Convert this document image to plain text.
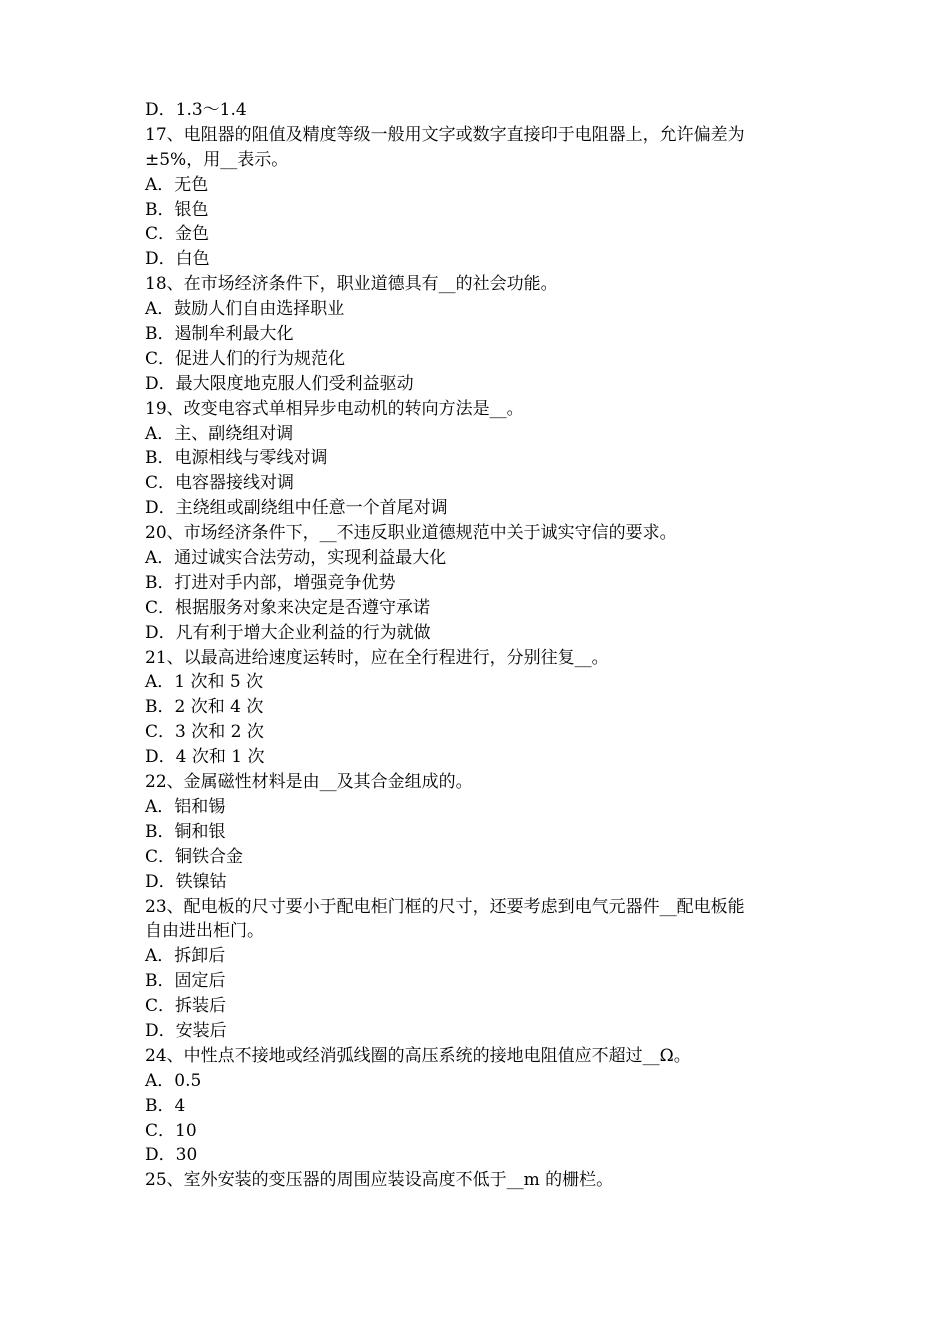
D．1.3～1.4
17、电阻器的阻值及精度等级一般用文字或数字直接印于电阻器上，允许偏差为
±5%，用__表示。
A．无色
B．银色
C．金色
D．白色
18、在市场经济条件下，职业道德具有__的社会功能。
A．鼓励人们自由选择职业
B．遏制牟利最大化
C．促进人们的行为规范化
D．最大限度地克服人们受利益驱动
19、改变电容式单相异步电动机的转向方法是__。
A．主、副绕组对调
B．电源相线与零线对调
C．电容器接线对调
D．主绕组或副绕组中任意一个首尾对调
20、市场经济条件下，__不违反职业道德规范中关于诚实守信的要求。
A．通过诚实合法劳动，实现利益最大化
B．打进对手内部，增强竞争优势
C．根据服务对象来决定是否遵守承诺
D．凡有利于增大企业利益的行为就做
21、以最高进给速度运转时，应在全行程进行，分别往复__。
A．1 次和 5 次
B．2 次和 4 次
C．3 次和 2 次
D．4 次和 1 次
22、金属磁性材料是由__及其合金组成的。
A．铝和锡
B．铜和银
C．铜铁合金
D．铁镍钴
23、配电板的尺寸要小于配电柜门框的尺寸，还要考虑到电气元器件__配电板能
自由进出柜门。
A．拆卸后
B．固定后
C．拆装后
D．安装后
24、中性点不接地或经消弧线圈的高压系统的接地电阻值应不超过__Ω。
A．0.5
B．4
C．10
D．30
25、室外安装的变压器的周围应装设高度不低于__m 的栅栏。
